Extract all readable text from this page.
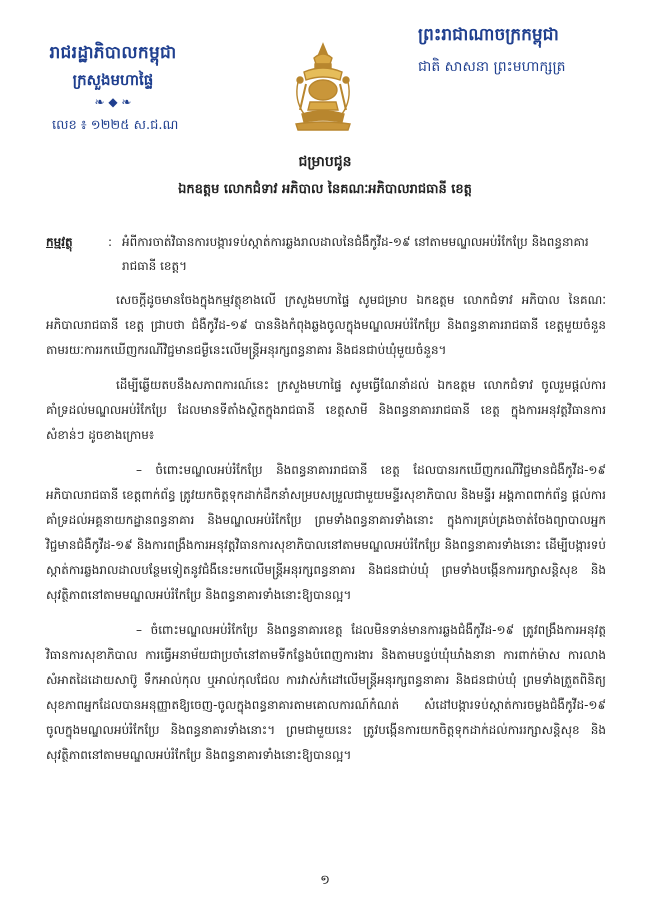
រាជរដ្ឋាភិបាលកម្ពុជា
ក្រសួងមហាផ្ទៃ
❧ ◆ ❧
លេខ ៖ ១២២៥ ស.ជ.ណ
ព្រះរាជាណាចក្រកម្ពុជា
ជាតិ សាសនា ព្រះមហាក្សត្រ
ជម្រាបជូន
ឯកឧត្តម លោកជំទាវ អភិបាល នៃគណៈអភិបាលរាជធានី ខេត្ត
កម្មវត្ថុ	: អំពីការចាត់វិធានការបង្ការទប់ស្កាត់ការឆ្លងរាលដាលនៃជំងឺកូវីដ-១៩ នៅតាមមណ្ឌលអប់រំកែប្រែ និងពន្ធនាគាររាជធានី ខេត្ត។

សេចក្តីដូចមានចែងក្នុងកម្មវត្ថុខាងលើ ក្រសួងមហាផ្ទៃ សូមជម្រាប ឯកឧត្តម លោកជំទាវ អភិបាល នៃគណៈអភិបាលរាជធានី ខេត្ត ជ្រាបថា ជំងឺកូវីដ-១៩ បាននិងកំពុងឆ្លងចូលក្នុងមណ្ឌលអប់រំកែប្រែ និងពន្ធនាគាររាជធានី ខេត្តមួយចំនួន តាមរយៈការរកឃើញករណីវិជ្ជមានជម្ងឺនេះលើមន្ត្រីអនុរក្សពន្ធនាគារ និងជនជាប់ឃុំមួយចំនួន។

ដើម្បីឆ្លើយតបនឹងសភាពការណ៍នេះ ក្រសួងមហាផ្ទៃ សូមធ្វើណែនាំដល់ ឯកឧត្តម លោកជំទាវ ចូលរួមផ្តល់ការគាំទ្រដល់មណ្ឌលអប់រំកែប្រែ ដែលមានទីតាំងស្ថិតក្នុងរាជធានី ខេត្តសាមី និងពន្ធនាគាររាជធានី ខេត្ត ក្នុងការអនុវត្តវិធានការសំខាន់ៗ ដូចខាងក្រោម៖

– ចំពោះមណ្ឌលអប់រំកែប្រែ និងពន្ធនាគាររាជធានី ខេត្ត ដែលបានរកឃើញករណីវិជ្ជមានជំងឺកូវីដ-១៩ អភិបាលរាជធានី ខេត្តពាក់ព័ន្ធ ត្រូវយកចិត្តទុកដាក់ដឹកនាំសម្របសម្រួលជាមួយមន្ទីរសុខាភិបាល និងមន្ទីរ អង្គភាពពាក់ព័ន្ធ ផ្តល់ការគាំទ្រដល់អគ្គនាយកដ្ឋានពន្ធនាគារ និងមណ្ឌលអប់រំកែប្រែ ព្រមទាំងពន្ធនាគារទាំងនោះ ក្នុងការគ្រប់គ្រងចាត់ចែងព្យាបាលអ្នកវិជ្ជមានជំងឺកូវីដ-១៩ និងការពង្រឹងការអនុវត្តវិធានការសុខាភិបាលនៅតាមមណ្ឌលអប់រំកែប្រែ និងពន្ធនាគារទាំងនោះ ដើម្បីបង្ការទប់ស្កាត់ការឆ្លងរាលដាលបន្ថែមទៀតនូវជំងឺនេះមកលើមន្ត្រីអនុរក្សពន្ធនាគារ និងជនជាប់ឃុំ ព្រមទាំងបង្កើនការរក្សាសន្តិសុខ និងសុវត្ថិភាពនៅតាមមណ្ឌលអប់រំកែប្រែ និងពន្ធនាគារទាំងនោះឱ្យបានល្អ។

– ចំពោះមណ្ឌលអប់រំកែប្រែ និងពន្ធនាគារខេត្ត ដែលមិនទាន់មានការឆ្លងជំងឺកូវីដ-១៩ ត្រូវពង្រឹងការអនុវត្តវិធានការសុខាភិបាល ការធ្វើអនាម័យជាប្រចាំនៅតាមទីកន្លែងបំពេញការងារ និងតាមបន្ទប់ឃុំឃាំងនានា ការពាក់ម៉ាស ការលាងសំអាតដៃដោយសាប៊ូ ទឹកអាល់កុល ឬអាល់កុលជែល ការវាស់កំដៅលើមន្ត្រីអនុរក្សពន្ធនាគារ និងជនជាប់ឃុំ ព្រមទាំងត្រួតពិនិត្យសុខភាពអ្នកដែលបានអនុញ្ញាតឱ្យចេញ-ចូលក្នុងពន្ធនាគារតាមគោលការណ៍កំណត់ សំដៅបង្ការទប់ស្កាត់ការចម្លងជំងឺកូវីដ-១៩ ចូលក្នុងមណ្ឌលអប់រំកែប្រែ និងពន្ធនាគារទាំងនោះ។ ព្រមជាមួយនេះ ត្រូវបង្កើនការយកចិត្តទុកដាក់ដល់ការរក្សាសន្តិសុខ និងសុវត្ថិភាពនៅតាមមណ្ឌលអប់រំកែប្រែ និងពន្ធនាគារទាំងនោះឱ្យបានល្អ។

១
